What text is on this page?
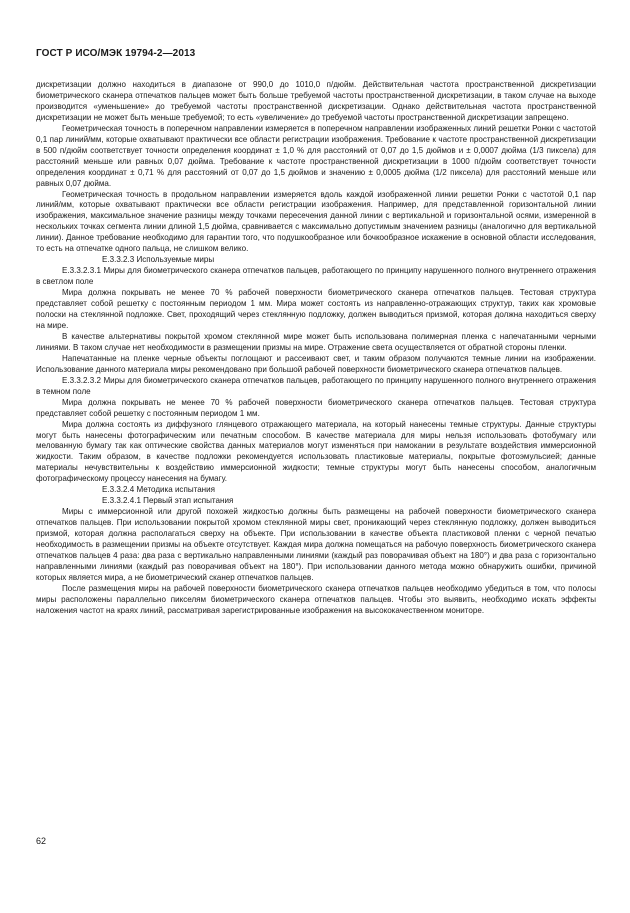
ГОСТ Р ИСО/МЭК 19794-2—2013

дискретизации должно находиться в диапазоне от 990,0 до 1010,0 п/дюйм. Действительная частота пространственной дискретизации биометрического сканера отпечатков пальцев может быть больше требуемой частоты пространственной дискретизации, в таком случае на выходе производится «уменьшение» до требуемой частоты пространственной дискретизации. Однако действительная частота пространственной дискретизации не может быть меньше требуемой; то есть «увеличение» до требуемой частоты пространственной дискретизации запрещено.

Геометрическая точность в поперечном направлении измеряется в поперечном направлении изображенных линий решетки Ронки с частотой 0,1 пар линий/мм, которые охватывают практически все области регистрации изображения. Требование к частоте пространственной дискретизации в 500 п/дюйм соответствует точности определения координат ± 1,0 % для расстояний от 0,07 до 1,5 дюймов и ± 0,0007 дюйма (1/3 пиксела) для расстояний меньше или равных 0,07 дюйма. Требование к частоте пространственной дискретизации в 1000 п/дюйм соответствует точности определения координат ± 0,71 % для расстояний от 0,07 до 1,5 дюймов и значению ± 0,0005 дюйма (1/2 пиксела) для расстояний меньше или равных 0,07 дюйма.

Геометрическая точность в продольном направлении измеряется вдоль каждой изображенной линии решетки Ронки с частотой 0,1 пар линий/мм, которые охватывают практически все области регистрации изображения. Например, для представленной горизонтальной линии изображения, максимальное значение разницы между точками пересечения данной линии с вертикальной и горизонтальной осями, измеренной в нескольких точках сегмента линии длиной 1,5 дюйма, сравнивается с максимально допустимым значением разницы (аналогично для вертикальной линии). Данное требование необходимо для гарантии того, что подушкообразное или бочкообразное искажение в основной области исследования, то есть на отпечатке одного пальца, не слишком велико.

E.3.3.2.3 Используемые миры

E.3.3.2.3.1 Миры для биометрического сканера отпечатков пальцев, работающего по принципу нарушенного полного внутреннего отражения в светлом поле

Мира должна покрывать не менее 70 % рабочей поверхности биометрического сканера отпечатков пальцев. Тестовая структура представляет собой решетку с постоянным периодом 1 мм. Мира может состоять из направленно-отражающих структур, таких как хромовые полоски на стеклянной подложке. Свет, проходящий через стеклянную подложку, должен выводиться призмой, которая должна находиться сверху на мире.

В качестве альтернативы покрытой хромом стеклянной мире может быть использована полимерная пленка с напечатанными черными линиями. В таком случае нет необходимости в размещении призмы на мире. Отражение света осуществляется от обратной стороны пленки.

Напечатанные на пленке черные объекты поглощают и рассеивают свет, и таким образом получаются темные линии на изображении. Использование данного материала миры рекомендовано при большой рабочей поверхности биометрического сканера отпечатков пальцев.

E.3.3.2.3.2 Миры для биометрического сканера отпечатков пальцев, работающего по принципу нарушенного полного внутреннего отражения в темном поле

Мира должна покрывать не менее 70 % рабочей поверхности биометрического сканера отпечатков пальцев. Тестовая структура представляет собой решетку с постоянным периодом 1 мм.

Мира должна состоять из диффузного глянцевого отражающего материала, на который нанесены темные структуры. Данные структуры могут быть нанесены фотографическим или печатным способом. В качестве материала для миры нельзя использовать фотобумагу или мелованную бумагу так как оптические свойства данных материалов могут изменяться при намокании в результате воздействия иммерсионной жидкости. Таким образом, в качестве подложки рекомендуется использовать пластиковые материалы, покрытые фотоэмульсией; данные материалы нечувствительны к воздействию иммерсионной жидкости; темные структуры могут быть нанесены способом, аналогичным фотографическому процессу нанесения на бумагу.

E.3.3.2.4 Методика испытания

E.3.3.2.4.1 Первый этап испытания

Миры с иммерсионной или другой похожей жидкостью должны быть размещены на рабочей поверхности биометрического сканера отпечатков пальцев. При использовании покрытой хромом стеклянной миры свет, проникающий через стеклянную подложку, должен выводиться призмой, которая должна располагаться сверху на объекте. При использовании в качестве объекта пластиковой пленки с черной печатью необходимость в размещении призмы на объекте отсутствует. Каждая мира должна помещаться на рабочую поверхность биометрического сканера отпечатков пальцев 4 раза: два раза с вертикально направленными линиями (каждый раз поворачивая объект на 180°) и два раза с горизонтально направленными линиями (каждый раз поворачивая объект на 180°). При использовании данного метода можно обнаружить ошибки, причиной которых является мира, а не биометрический сканер отпечатков пальцев.

После размещения миры на рабочей поверхности биометрического сканера отпечатков пальцев необходимо убедиться в том, что полосы миры расположены параллельно пикселям биометрического сканера отпечатков пальцев. Чтобы это выявить, необходимо искать эффекты наложения частот на краях линий, рассматривая зарегистрированные изображения на высококачественном мониторе.

62
